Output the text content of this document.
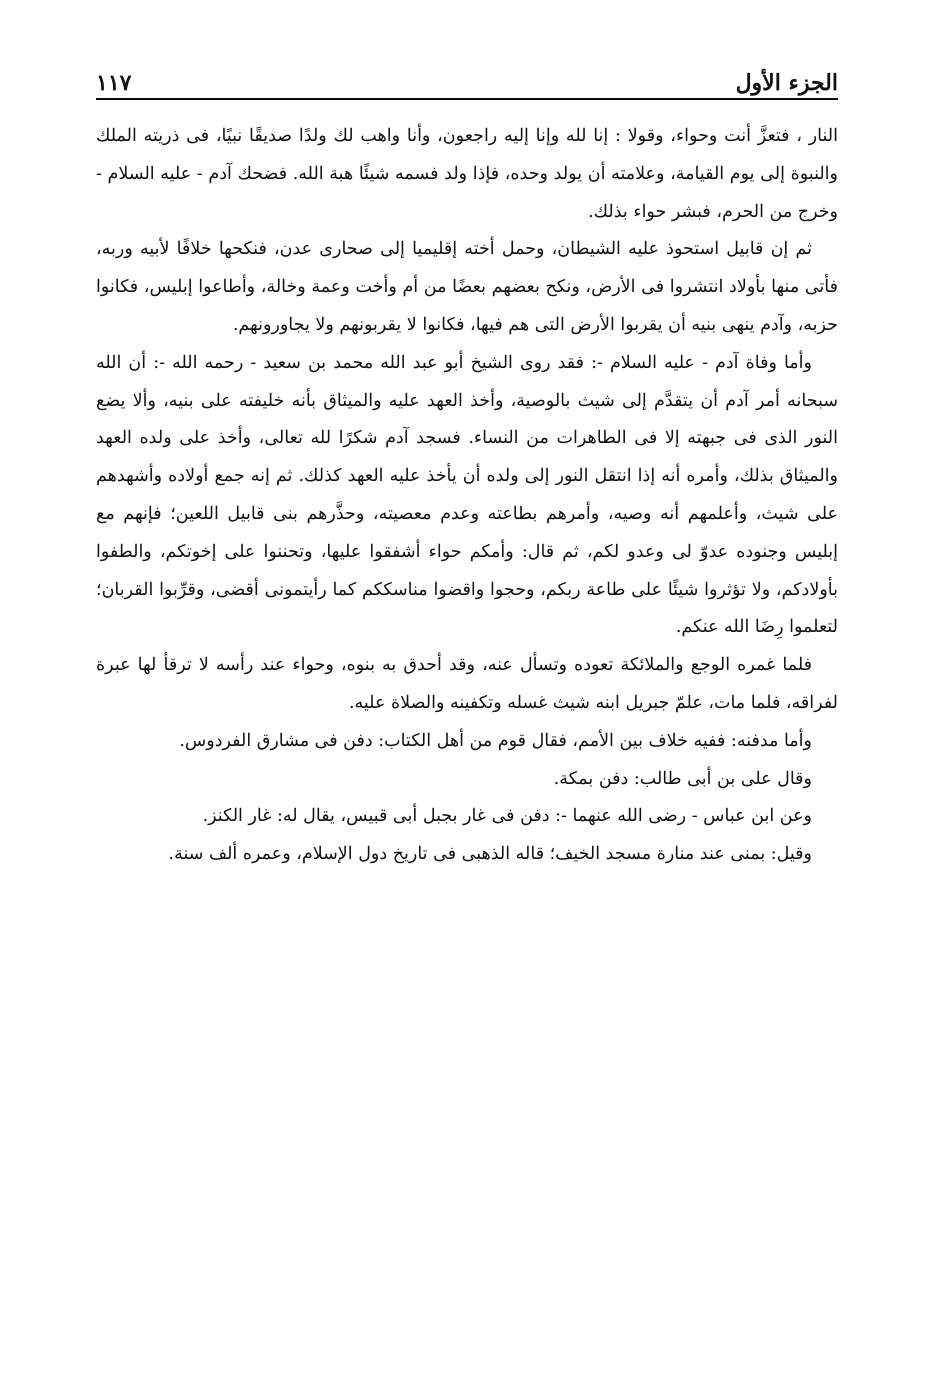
الجزء الأول
١١٧

النار ، فتعزَّ أنت وحواء، وقولا : إنا لله وإنا إليه راجعون، وأنا واهب لك ولدًا صديقًا نبيًا، فى ذريته الملك والنبوة إلى يوم القيامة، وعلامته أن يولد وحده، فإذا ولد فسمه شيئًا هبة الله. فضحك آدم - عليه السلام - وخرج من الحرم، فبشر حواء بذلك.

ثم إن قابيل استحوذ عليه الشيطان، وحمل أخته إقليميا إلى صحارى عدن، فنكحها خلافًا لأبيه وربه، فأتى منها بأولاد انتشروا فى الأرض، ونكح بعضهم بعضًا من أم وأخت وعمة وخالة، وأطاعوا إبليس، فكانوا حزبه، وآدم ينهى بنيه أن يقربوا الأرض التى هم فيها، فكانوا لا يقربونهم ولا يجاورونهم.

وأما وفاة آدم - عليه السلام -: فقد روى الشيخ أبو عبد الله محمد بن سعيد - رحمه الله -: أن الله سبحانه أمر آدم أن يتقدَّم إلى شيث بالوصية، وأخذ العهد عليه والميثاق بأنه خليفته على بنيه، وألا يضع النور الذى فى جبهته إلا فى الطاهرات من النساء. فسجد آدم شكرًا لله تعالى، وأخذ على ولده العهد والميثاق بذلك، وأمره أنه إذا انتقل النور إلى ولده أن يأخذ عليه العهد كذلك. ثم إنه جمع أولاده وأشهدهم على شيث، وأعلمهم أنه وصيه، وأمرهم بطاعته وعدم معصيته، وحذَّرهم بنى قابيل اللعين؛ فإنهم مع إبليس وجنوده عدوّ لى وعدو لكم، ثم قال: وأمكم حواء أشفقوا عليها، وتحننوا على إخوتكم، والطفوا بأولادكم، ولا تؤثروا شيئًا على طاعة ربكم، وحجوا واقضوا مناسككم كما رأيتمونى أقضى، وقرِّبوا القربان؛ لتعلموا رِضَا الله عنكم.

فلما غمره الوجع والملائكة تعوده وتسأل عنه، وقد أحدق به بنوه، وحواء عند رأسه لا ترقأ لها عبرة لفراقه، فلما مات، علمّ جبريل ابنه شيث غسله وتكفينه والصلاة عليه.

وأما مدفنه: ففيه خلاف بين الأمم، فقال قوم من أهل الكتاب: دفن فى مشارق الفردوس.

وقال على بن أبى طالب: دفن بمكة.

وعن ابن عباس - رضى الله عنهما -: دفن فى غار بجبل أبى قبيس، يقال له: غار الكنز.

وقيل: بمنى عند منارة مسجد الخيف؛ قاله الذهبى فى تاريخ دول الإسلام، وعمره ألف سنة.
